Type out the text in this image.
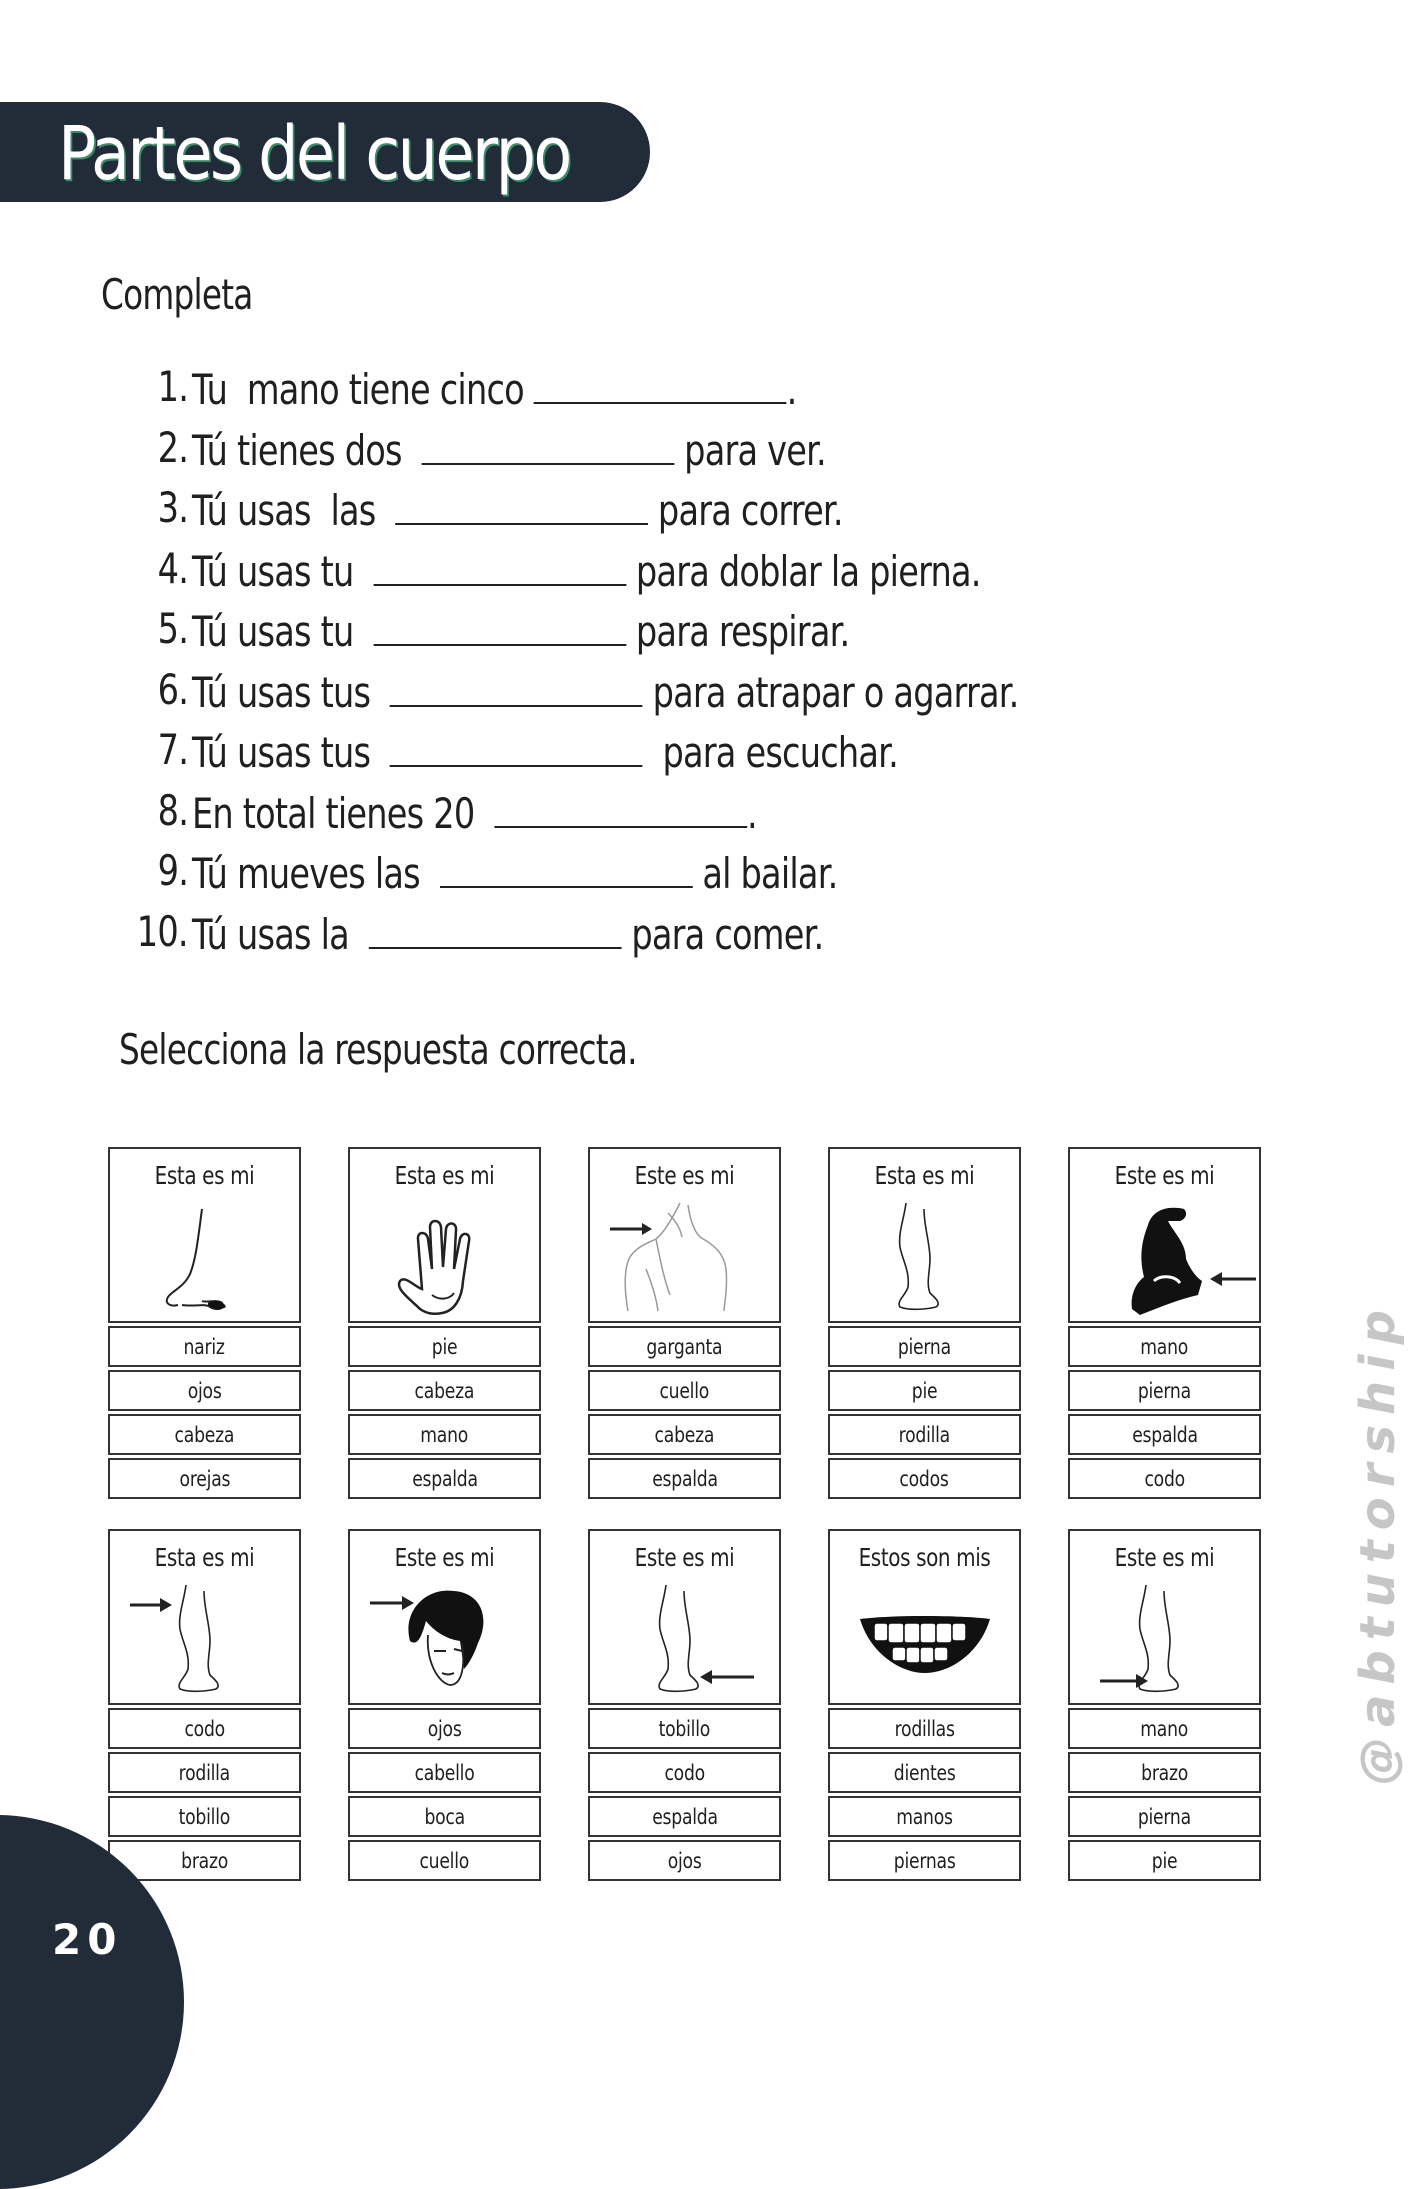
Partes del cuerpo
Completa
1. Tu  mano tiene cinco	.
2. Tú tienes dos	para ver.
3. Tú usas  las	para correr.
4. Tú usas tu	para doblar la pierna.
5. Tú usas tu	para respirar.
6. Tú usas tus	para atrapar o agarrar.
7. Tú usas tus	para escuchar.
8. En total tienes 20	.
9. Tú mueves las	al bailar.
10. Tú usas la	para comer.
Selecciona la respuesta correcta.
Esta es mi
nariz
ojos
cabeza
orejas
Esta es mi
pie
cabeza
mano
espalda
Este es mi
garganta
cuello
cabeza
espalda
Esta es mi
pierna
pie
rodilla
codos
Este es mi
mano
pierna
espalda
codo
Esta es mi
codo
rodilla
tobillo
brazo
Este es mi
ojos
cabello
boca
cuello
Este es mi
tobillo
codo
espalda
ojos
Estos son mis
rodillas
dientes
manos
piernas
Este es mi
mano
brazo
pierna
pie
@abtutorship
20
